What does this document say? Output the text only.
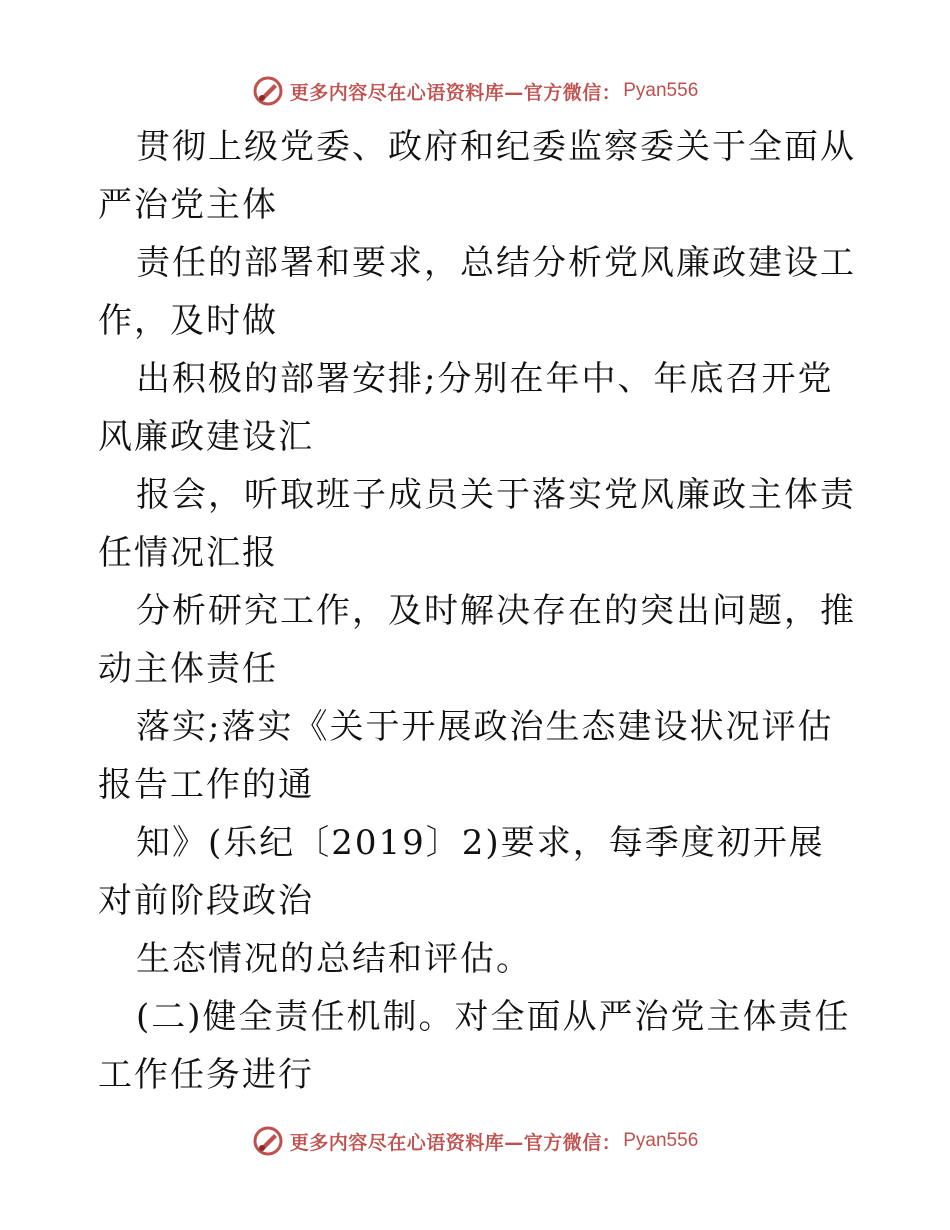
更多内容尽在心语资料库—官方微信： Pyan556

贯彻上级党委、政府和纪委监察委关于全面从严治党主体

责任的部署和要求，总结分析党风廉政建设工作，及时做

出积极的部署安排;分别在年中、年底召开党风廉政建设汇

报会，听取班子成员关于落实党风廉政主体责任情况汇报

分析研究工作，及时解决存在的突出问题，推动主体责任

落实;落实《关于开展政治生态建设状况评估报告工作的通

知》(乐纪〔2019〕2)要求，每季度初开展对前阶段政治

生态情况的总结和评估。

(二)健全责任机制。对全面从严治党主体责任工作任务进行

更多内容尽在心语资料库—官方微信： Pyan556
